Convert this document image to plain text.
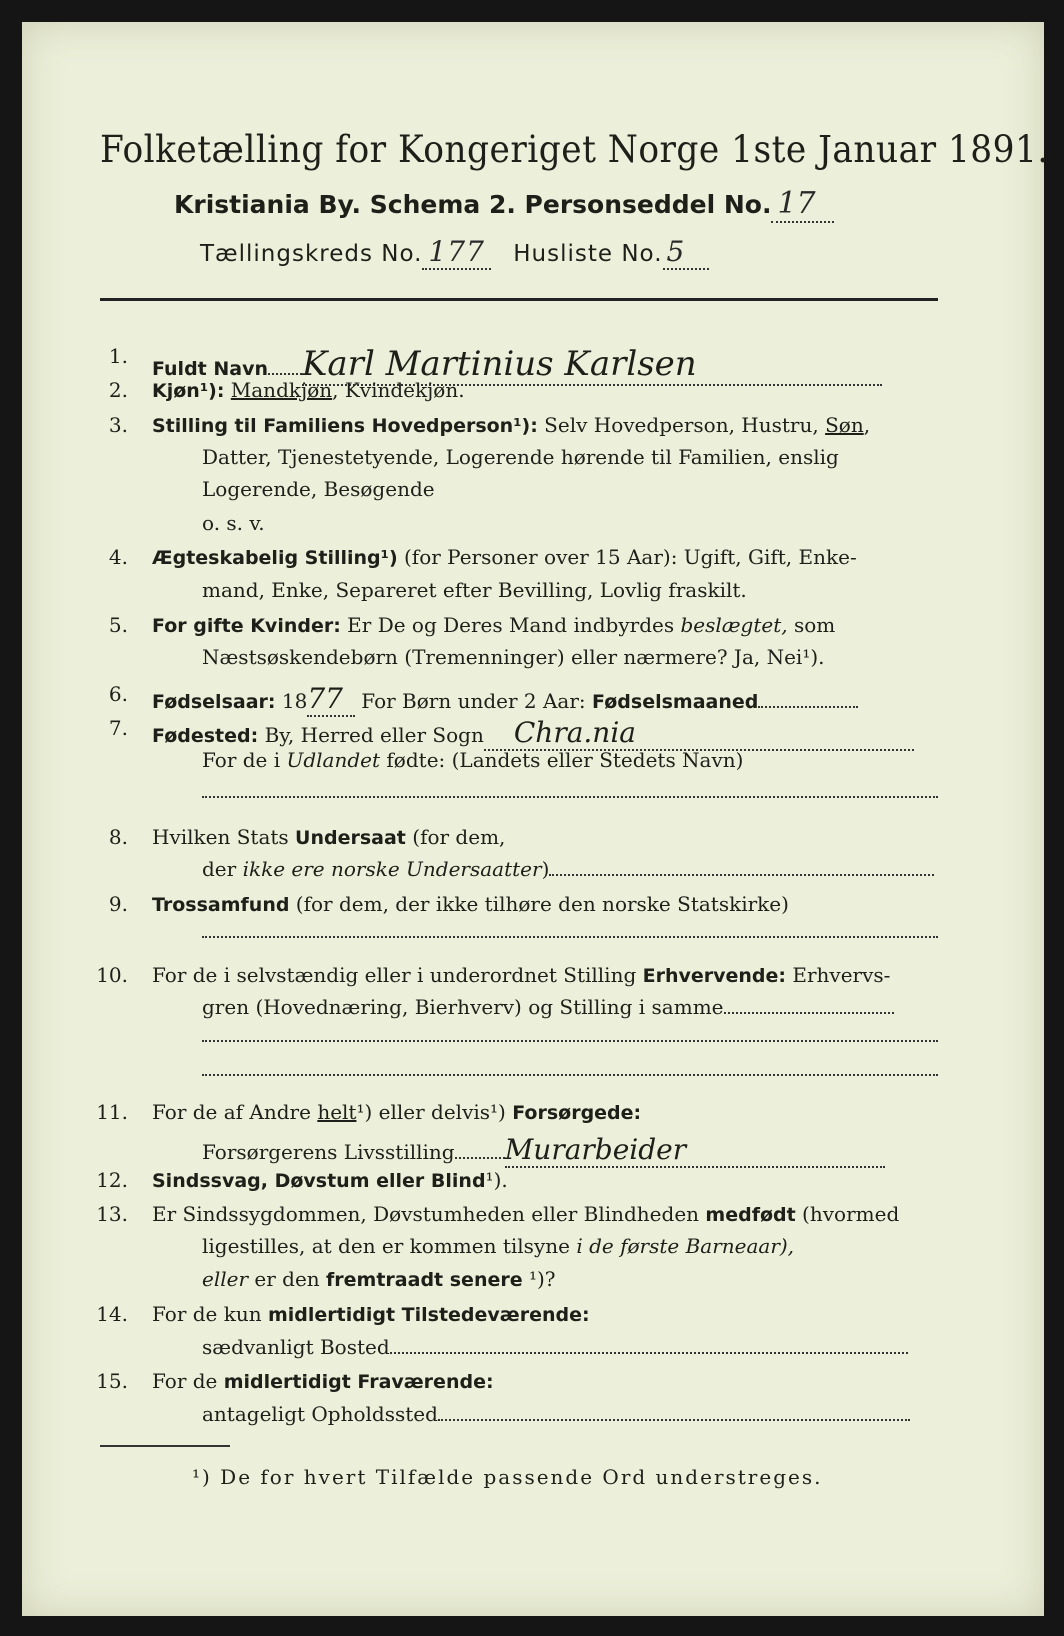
Folketælling for Kongeriget Norge 1ste Januar 1891.
Kristiania By. Schema 2. Personseddel No. 17
Tællingskreds No. 177 Husliste No. 5
1.
Fuldt Navn Karl Martinius Karlsen
2. Kjøn¹): Mandkjøn, Kvindekjøn.
3. Stilling til Familiens Hovedperson¹): Selv Hovedperson, Hustru, Søn,
Datter, Tjenestetyende, Logerende hørende til Familien, enslig
Logerende, Besøgende
o. s. v.
4. Ægteskabelig Stilling¹) (for Personer over 15 Aar): Ugift, Gift, Enke-
mand, Enke, Separeret efter Bevilling, Lovlig fraskilt.
5. For gifte Kvinder: Er De og Deres Mand indbyrdes beslægtet, som
Næstsøskendebørn (Tremenninger) eller nærmere? Ja, Nei¹).
6. Fødselsaar: 1877 For Børn under 2 Aar: Fødselsmaaned
7. Fødested: By, Herred eller Sogn Chra.nia
For de i Udlandet fødte: (Landets eller Stedets Navn)
8. Hvilken Stats Undersaat (for dem,
der ikke ere norske Undersaatter)
9. Trossamfund (for dem, der ikke tilhøre den norske Statskirke)
10. For de i selvstændig eller i underordnet Stilling Erhvervende: Erhvervs-
gren (Hovednæring, Bierhverv) og Stilling i samme
11. For de af Andre helt¹) eller delvis¹) Forsørgede:
Forsørgerens Livsstilling Murarbeider
12. Sindssvag, Døvstum eller Blind¹).
13. Er Sindssygdommen, Døvstumheden eller Blindheden medfødt (hvormed
ligestilles, at den er kommen tilsyne i de første Barneaar),
eller er den fremtraadt senere ¹)?
14. For de kun midlertidigt Tilstedeværende:
sædvanligt Bosted
15. For de midlertidigt Fraværende:
antageligt Opholdssted
¹) De for hvert Tilfælde passende Ord understreges.
